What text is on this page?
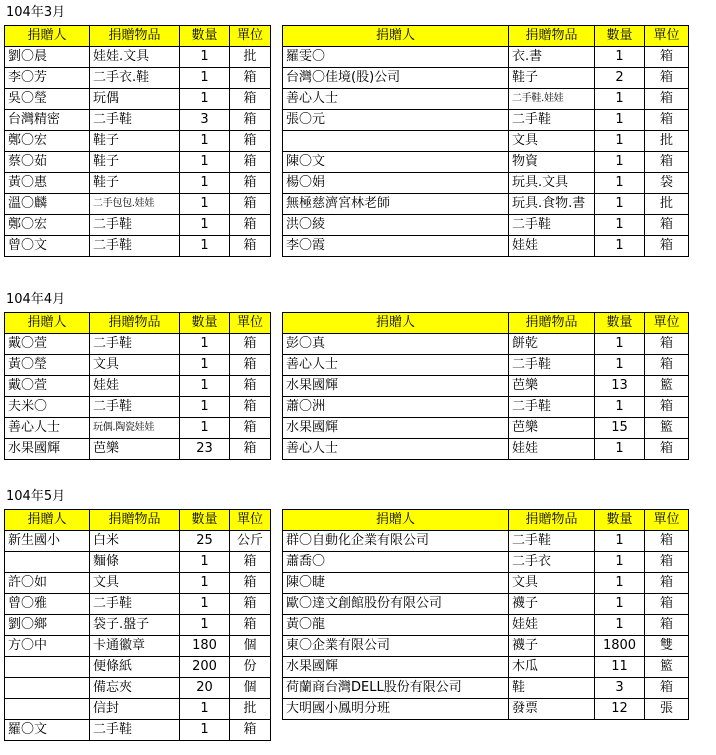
104年3月
捐贈人	捐贈物品	數量	單位
劉〇晨	娃娃.文具	1	批
李〇芳	二手衣.鞋	1	箱
吳〇瑩	玩偶	1	箱
台灣精密	二手鞋	3	箱
鄭〇宏	鞋子	1	箱
蔡〇茹	鞋子	1	箱
黃〇惠	鞋子	1	箱
溫〇麟	二手包包.娃娃	1	箱
鄭〇宏	二手鞋	1	箱
曾〇文	二手鞋	1	箱
捐贈人	捐贈物品	數量	單位
羅雯〇	衣.書	1	箱
台灣〇佳境(股)公司	鞋子	2	箱
善心人士	二手鞋.娃娃	1	箱
張〇元	二手鞋	1	箱
	文具	1	批
陳〇文	物資	1	箱
楊〇娟	玩具.文具	1	袋
無極慈濟宮林老師	玩具.食物.書	1	批
洪〇綾	二手鞋	1	箱
李〇霞	娃娃	1	箱
104年4月
捐贈人	捐贈物品	數量	單位
戴〇萱	二手鞋	1	箱
黃〇瑩	文具	1	箱
戴〇萱	娃娃	1	箱
夫米〇	二手鞋	1	箱
善心人士	玩偶.陶瓷娃娃	1	箱
水果國輝	芭樂	23	箱
捐贈人	捐贈物品	數量	單位
彭〇真	餅乾	1	箱
善心人士	二手鞋	1	箱
水果國輝	芭樂	13	籃
蕭〇洲	二手鞋	1	箱
水果國輝	芭樂	15	籃
善心人士	娃娃	1	箱
104年5月
捐贈人	捐贈物品	數量	單位
新生國小	白米	25	公斤
	麵條	1	箱
許〇如	文具	1	箱
曾〇雅	二手鞋	1	箱
劉〇鄉	袋子.盤子	1	箱
方〇中	卡通徽章	180	個
	便條紙	200	份
	備忘夾	20	個
	信封	1	批
羅〇文	二手鞋	1	箱
捐贈人	捐贈物品	數量	單位
群〇自動化企業有限公司	二手鞋	1	箱
蕭喬〇	二手衣	1	箱
陳〇睫	文具	1	箱
歐〇達文創館股份有限公司	襪子	1	箱
黃〇龍	娃娃	1	箱
東〇企業有限公司	襪子	1800	雙
水果國輝	木瓜	11	籃
荷蘭商台灣DELL股份有限公司	鞋	3	箱
大明國小鳳明分班	發票	12	張
